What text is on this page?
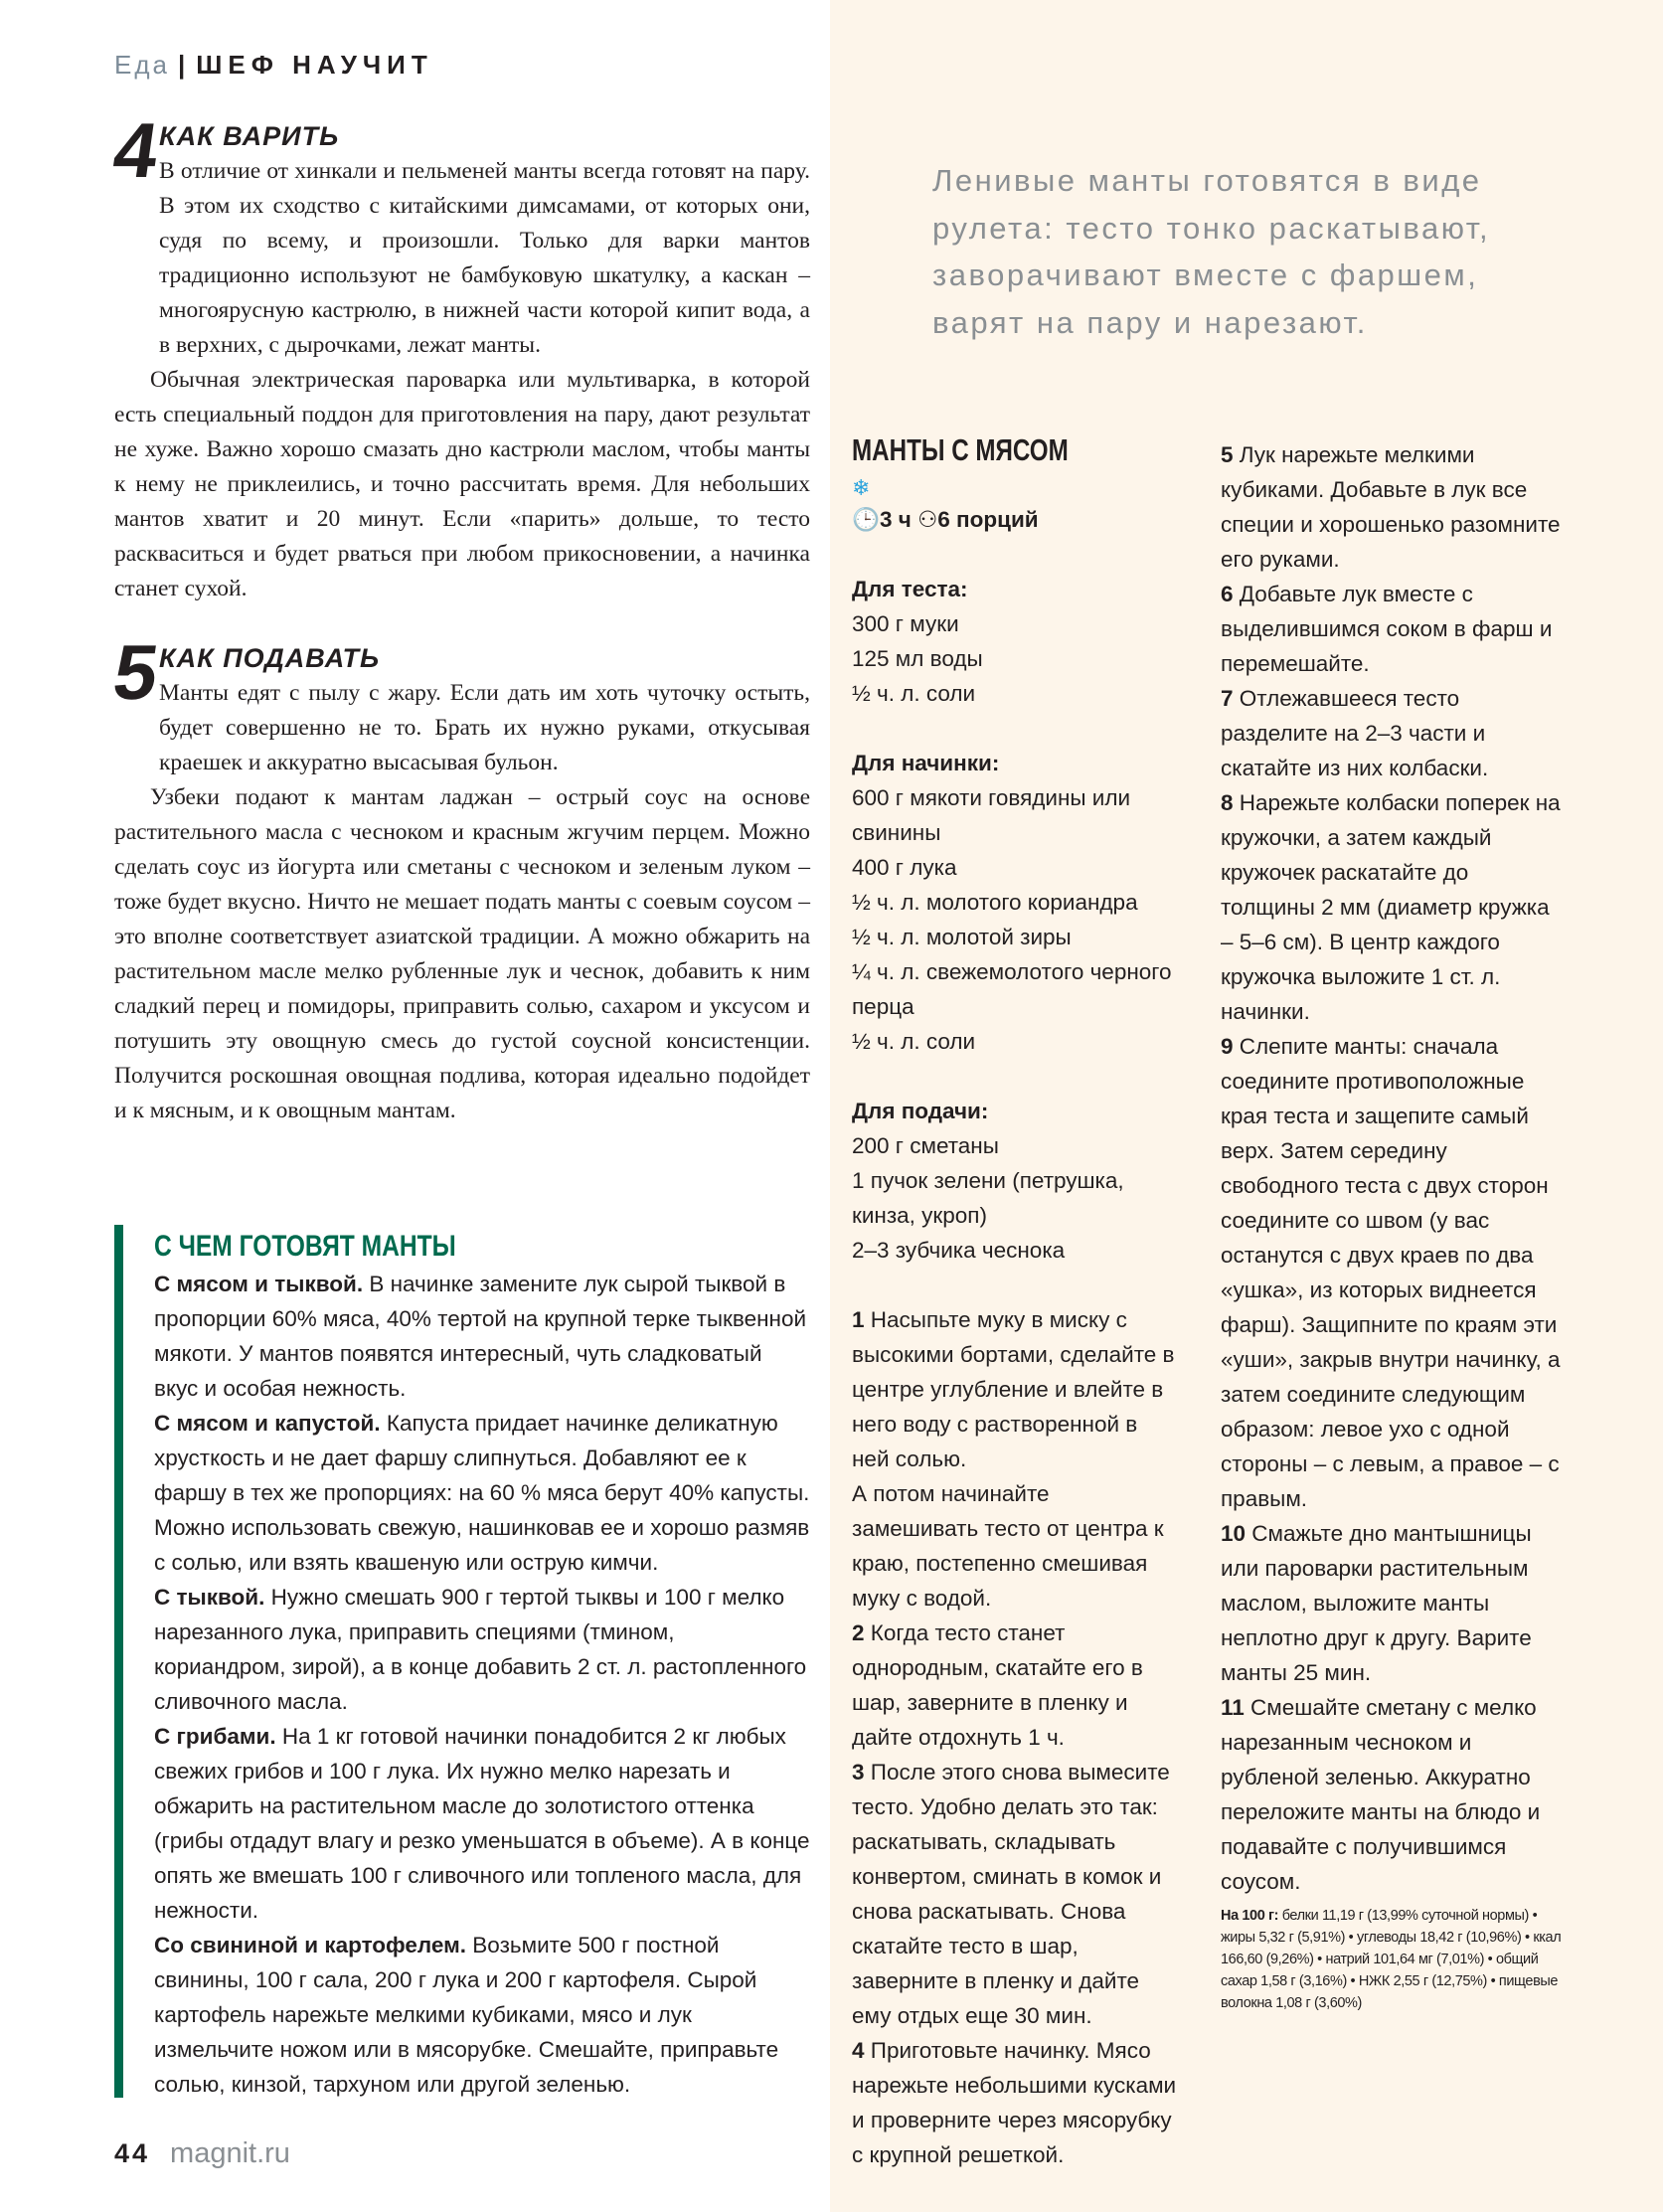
Еда | ШЕФ НАУЧИТ
4
КАК ВАРИТЬ

В отличие от хинкали и пельменей манты всегда готовят на пару. В этом их сходство с китайскими димсамами, от которых они, судя по всему, и произошли. Только для варки мантов традиционно используют не бамбуковую шкатулку, а каскан – многоярусную кастрюлю, в нижней части которой кипит вода, а в верхних, с дырочками, лежат манты.

Обычная электрическая пароварка или мультиварка, в которой есть специальный поддон для приготовления на пару, дают результат не хуже. Важно хорошо смазать дно кастрюли маслом, чтобы манты к нему не приклеились, и точно рассчитать время. Для небольших мантов хватит и 20 минут. Если «парить» дольше, то тесто раскваситься и будет рваться при любом прикосновении, а начинка станет сухой.

5
КАК ПОДАВАТЬ

Манты едят с пылу с жару. Если дать им хоть чуточку остыть, будет совершенно не то. Брать их нужно руками, откусывая краешек и аккуратно высасывая бульон.

Узбеки подают к мантам ладжан – острый соус на основе растительного масла с чесноком и красным жгучим перцем. Можно сделать соус из йогурта или сметаны с чесноком и зеленым луком – тоже будет вкусно. Ничто не мешает подать манты с соевым соусом – это вполне соответствует азиатской традиции. А можно обжарить на растительном масле мелко рубленные лук и чеснок, добавить к ним сладкий перец и помидоры, приправить солью, сахаром и уксусом и потушить эту овощную смесь до густой соусной консистенции. Получится роскошная овощная подлива, которая идеально подойдет и к мясным, и к овощным мантам.

С ЧЕМ ГОТОВЯТ МАНТЫ

С мясом и тыквой. В начинке замените лук сырой тыквой в пропорции 60% мяса, 40% тертой на крупной терке тыквенной мякоти. У мантов появятся интересный, чуть сладковатый вкус и особая нежность.

С мясом и капустой. Капуста придает начинке деликатную хрусткость и не дает фаршу слипнуться. Добавляют ее к фаршу в тех же пропорциях: на 60 % мяса берут 40% капусты. Можно использовать свежую, нашинковав ее и хорошо размяв с солью, или взять квашеную или острую кимчи.

С тыквой. Нужно смешать 900 г тертой тыквы и 100 г мелко нарезанного лука, приправить специями (тмином, кориандром, зирой), а в конце добавить 2 ст. л. растопленного сливочного масла.

С грибами. На 1 кг готовой начинки понадобится 2 кг любых свежих грибов и 100 г лука. Их нужно мелко нарезать и обжарить на растительном масле до золотистого оттенка (грибы отдадут влагу и резко уменьшатся в объеме). А в конце опять же вмешать 100 г сливочного или топленого масла, для нежности.

Со свининой и картофелем. Возьмите 500 г постной свинины, 100 г сала, 200 г лука и 200 г картофеля. Сырой картофель нарежьте мелкими кубиками, мясо и лук измельчите ножом или в мясорубке. Смешайте, приправьте солью, кинзой, тархуном или другой зеленью.

Ленивые манты готовятся в виде рулета: тесто тонко раскатывают, заворачивают вместе с фаршем, варят на пару и нарезают.
МАНТЫ С МЯСОМ
❄
🕒3 ч ⚇6 порций
Для теста:
300 г муки
125 мл воды
½ ч. л. соли
Для начинки:
600 г мякоти говядины или свинины
400 г лука
½ ч. л. молотого кориандра
½ ч. л. молотой зиры
¼ ч. л. свежемолотого черного перца
½ ч. л. соли
Для подачи:
200 г сметаны
1 пучок зелени (петрушка, кинза, укроп)
2–3 зубчика чеснока

1 Насыпьте муку в миску с высокими бортами, сделайте в центре углубление и влейте в него воду с растворенной в ней солью.

А потом начинайте замешивать тесто от центра к краю, постепенно смешивая муку с водой.

2 Когда тесто станет однородным, скатайте его в шар, заверните в пленку и дайте отдохнуть 1 ч.

3 После этого снова вымесите тесто. Удобно делать это так: раскатывать, складывать конвертом, сминать в комок и снова раскатывать. Снова скатайте тесто в шар, заверните в пленку и дайте ему отдых еще 30 мин.

4 Приготовьте начинку. Мясо нарежьте небольшими кусками и проверните через мясорубку с крупной решеткой.

5 Лук нарежьте мелкими кубиками. Добавьте в лук все специи и хорошенько разомните его руками.

6 Добавьте лук вместе с выделившимся соком в фарш и перемешайте.

7 Отлежавшееся тесто разделите на 2–3 части и скатайте из них колбаски.

8 Нарежьте колбаски поперек на кружочки, а затем каждый кружочек раскатайте до толщины 2 мм (диаметр кружка – 5–6 см). В центр каждого кружочка выложите 1 ст. л. начинки.

9 Слепите манты: сначала соедините противоположные края теста и защепите самый верх. Затем середину свободного теста с двух сторон соедините со швом (у вас останутся с двух краев по два «ушка», из которых виднеется фарш). Защипните по краям эти «уши», закрыв внутри начинку, а затем соедините следующим образом: левое ухо с одной стороны – с левым, а правое – с правым.

10 Смажьте дно мантышницы или пароварки растительным маслом, выложите манты неплотно друг к другу. Варите манты 25 мин.

11 Смешайте сметану с мелко нарезанным чесноком и рубленой зеленью. Аккуратно переложите манты на блюдо и подавайте с получившимся соусом.

На 100 г: белки 11,19 г (13,99% суточной нормы) • жиры 5,32 г (5,91%) • углеводы 18,42 г (10,96%) • ккал 166,60 (9,26%) • натрий 101,64 мг (7,01%) • общий сахар 1,58 г (3,16%) • НЖК 2,55 г (12,75%) • пищевые волокна 1,08 г (3,60%)

44 magnit.ru
